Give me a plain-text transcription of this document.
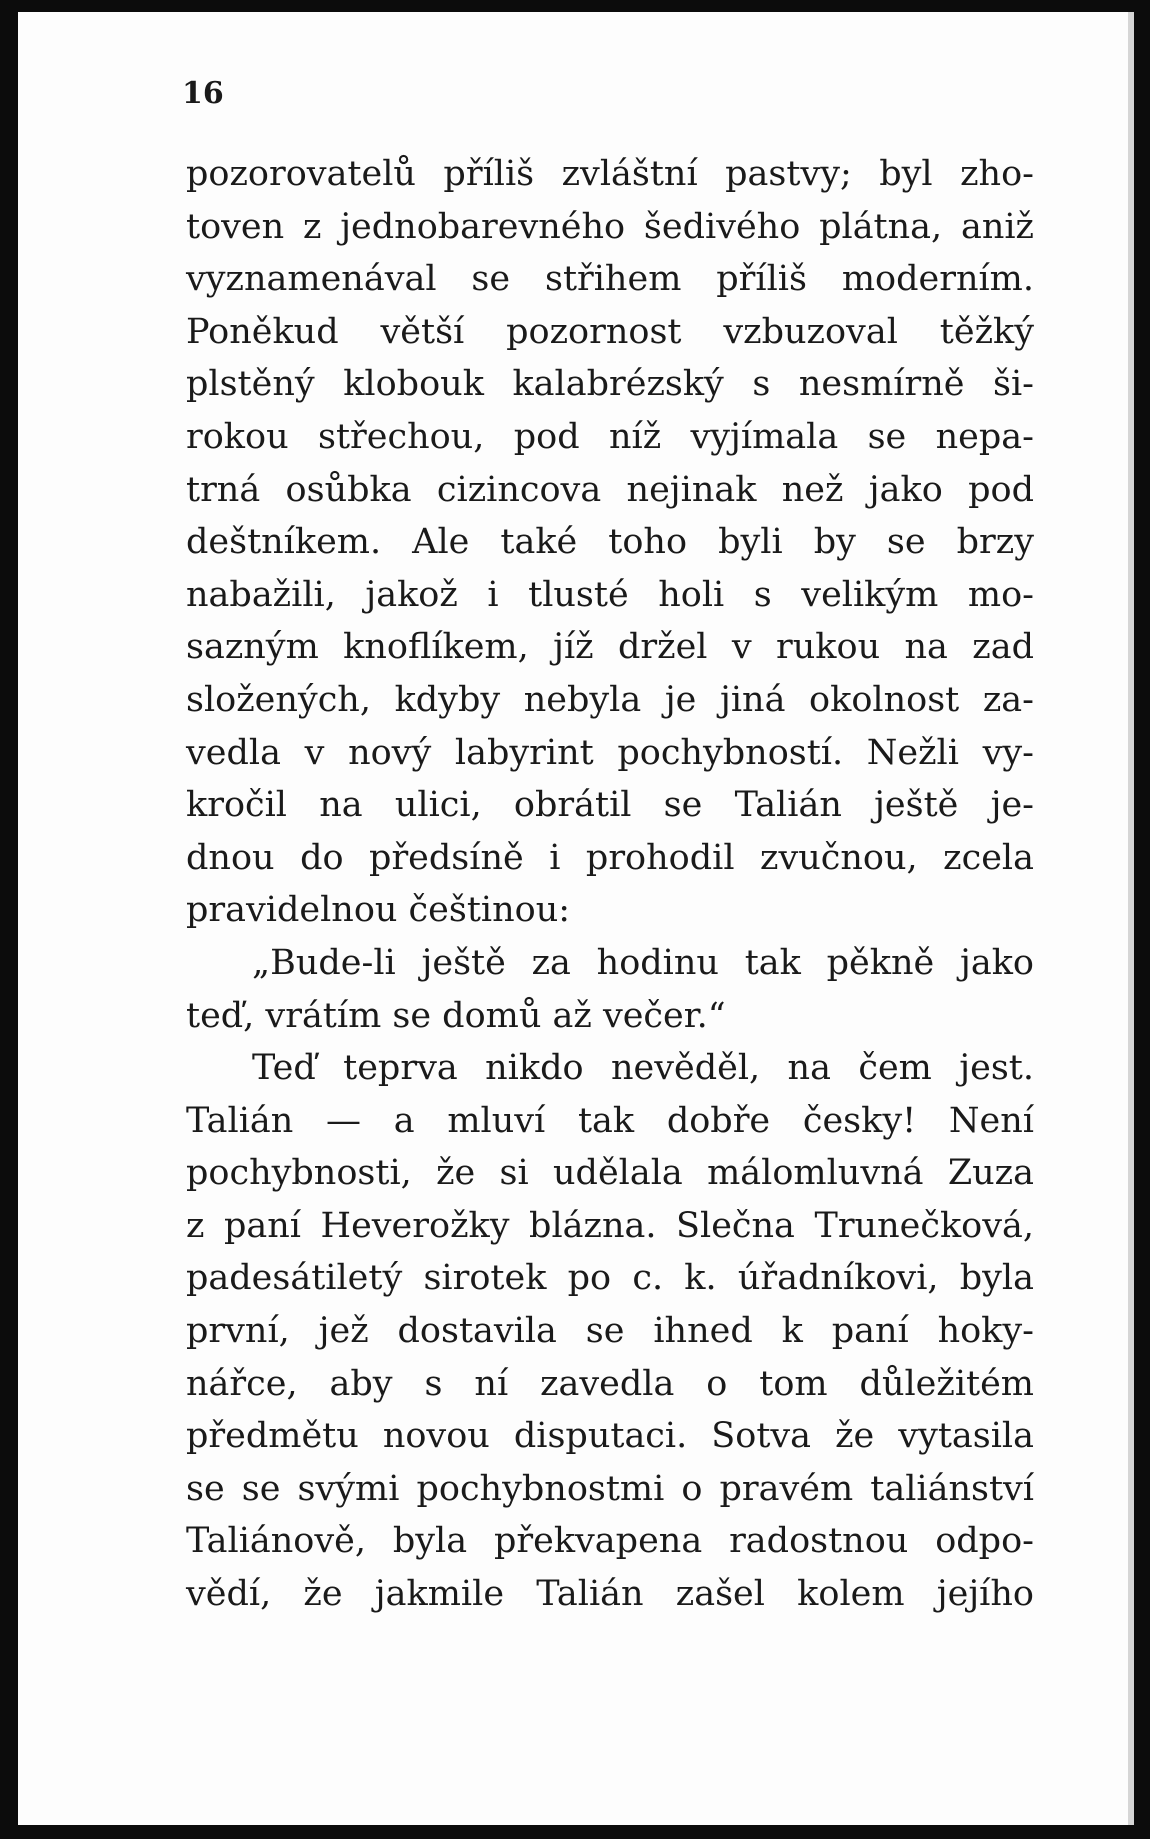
16
pozorovatelů příliš zvláštní pastvy; byl zho-
toven z jednobarevného šedivého plátna, aniž
vyznamenával se střihem příliš moderním.
Poněkud větší pozornost vzbuzoval těžký
plstěný klobouk kalabrézský s nesmírně ši-
rokou střechou, pod níž vyjímala se nepa-
trná osůbka cizincova nejinak než jako pod
deštníkem. Ale také toho byli by se brzy
nabažili, jakož i tlusté holi s velikým mo-
sazným knoflíkem, jíž držel v rukou na zad
složených, kdyby nebyla je jiná okolnost za-
vedla v nový labyrint pochybností. Nežli vy-
kročil na ulici, obrátil se Talián ještě je-
dnou do předsíně i prohodil zvučnou, zcela
pravidelnou češtinou:
„Bude-li ještě za hodinu tak pěkně jako
teď, vrátím se domů až večer.“
Teď teprva nikdo nevěděl, na čem jest.
Talián — a mluví tak dobře česky! Není
pochybnosti, že si udělala málomluvná Zuza
z paní Heverožky blázna. Slečna Trunečková,
padesátiletý sirotek po c. k. úřadníkovi, byla
první, jež dostavila se ihned k paní hoky-
nářce, aby s ní zavedla o tom důležitém
předmětu novou disputaci. Sotva že vytasila
se se svými pochybnostmi o pravém taliánství
Taliánově, byla překvapena radostnou odpo-
vědí, že jakmile Talián zašel kolem jejího
